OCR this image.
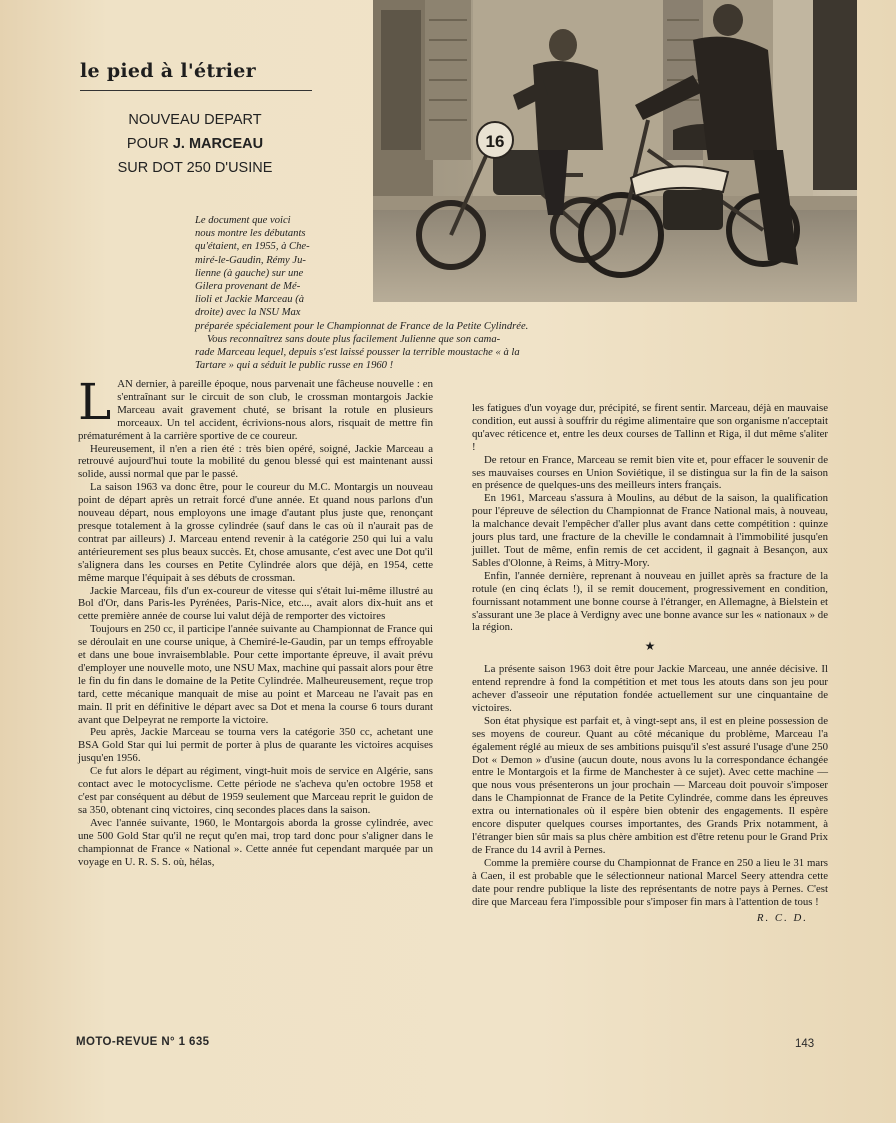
le pied à l'étrier
NOUVEAU DEPART
POUR J. MARCEAU
SUR DOT 250 D'USINE
16
Le document que voici
nous montre les débutants
qu'étaient, en 1955, à Che-
miré-le-Gaudin, Rémy Ju-
lienne (à gauche) sur une
Gilera provenant de Mé-
lioli et Jackie Marceau (à
droite) avec la NSU Max
préparée spécialement pour le Championnat de France de la Petite Cylindrée.
Vous reconnaîtrez sans doute plus facilement Julienne que son cama-
rade Marceau lequel, depuis s'est laissé pousser la terrible moustache « à la
Tartare » qui a séduit le public russe en 1960 !

LAN dernier, à pareille époque, nous parvenait une fâcheuse nouvelle : en s'entraînant sur le circuit de son club, le crossman montargois Jackie Marceau avait gravement chuté, se brisant la rotule en plusieurs morceaux. Un tel accident, écrivions-nous alors, risquait de mettre fin prématurément à la carrière sportive de ce coureur.

Heureusement, il n'en a rien été : très bien opéré, soigné, Jackie Marceau a retrouvé aujourd'hui toute la mobilité du genou blessé qui est maintenant aussi solide, aussi normal que par le passé.

La saison 1963 va donc être, pour le coureur du M.C. Montargis un nouveau point de départ après un retrait forcé d'une année. Et quand nous parlons d'un nouveau départ, nous employons une image d'autant plus juste que, renonçant presque totalement à la grosse cylindrée (sauf dans le cas où il n'aurait pas de contrat par ailleurs) J. Marceau entend revenir à la catégorie 250 qui lui a valu antérieurement ses plus beaux succès. Et, chose amusante, c'est avec une Dot qu'il s'alignera dans les courses en Petite Cylindrée alors que déjà, en 1954, cette même marque l'équipait à ses débuts de crossman.

Jackie Marceau, fils d'un ex-coureur de vitesse qui s'était lui-même illustré au Bol d'Or, dans Paris-les Pyrénées, Paris-Nice, etc..., avait alors dix-huit ans et cette première année de course lui valut déjà de remporter des victoires

Toujours en 250 cc, il participe l'année suivante au Championnat de France qui se déroulait en une course unique, à Chemiré-le-Gaudin, par un temps effroyable et dans une boue invraisemblable. Pour cette importante épreuve, il avait prévu d'employer une nouvelle moto, une NSU Max, machine qui passait alors pour être le fin du fin dans le domaine de la Petite Cylindrée. Malheureusement, reçue trop tard, cette mécanique manquait de mise au point et Marceau ne l'avait pas en main. Il prit en définitive le départ avec sa Dot et mena la course 6 tours durant avant que Delpeyrat ne remporte la victoire.

Peu après, Jackie Marceau se tourna vers la catégorie 350 cc, achetant une BSA Gold Star qui lui permit de porter à plus de quarante les victoires acquises jusqu'en 1956.

Ce fut alors le départ au régiment, vingt-huit mois de service en Algérie, sans contact avec le motocyclisme. Cette période ne s'acheva qu'en octobre 1958 et c'est par conséquent au début de 1959 seulement que Marceau reprit le guidon de sa 350, obtenant cinq victoires, cinq secondes places dans la saison.

Avec l'année suivante, 1960, le Montargois aborda la grosse cylindrée, avec une 500 Gold Star qu'il ne reçut qu'en mai, trop tard donc pour s'aligner dans le championnat de France « National ». Cette année fut cependant marquée par un voyage en U. R. S. S. où, hélas,

les fatigues d'un voyage dur, précipité, se firent sentir. Marceau, déjà en mauvaise condition, eut aussi à souffrir du régime alimentaire que son organisme n'acceptait qu'avec réticence et, entre les deux courses de Tallinn et Riga, il dut même s'aliter !

De retour en France, Marceau se remit bien vite et, pour effacer le souvenir de ses mauvaises courses en Union Soviétique, il se distingua sur la fin de la saison en présence de quelques-uns des meilleurs inters français.

En 1961, Marceau s'assura à Moulins, au début de la saison, la qualification pour l'épreuve de sélection du Championnat de France National mais, à nouveau, la malchance devait l'empêcher d'aller plus avant dans cette compétition : quinze jours plus tard, une fracture de la cheville le condamnait à l'immobilité jusqu'en juillet. Tout de même, enfin remis de cet accident, il gagnait à Besançon, aux Sables d'Olonne, à Reims, à Mitry-Mory.

Enfin, l'année dernière, reprenant à nouveau en juillet après sa fracture de la rotule (en cinq éclats !), il se remit doucement, progressivement en condition, fournissant notamment une bonne course à l'étranger, en Allemagne, à Bielstein et s'assurant une 3e place à Verdigny avec une bonne avance sur les « nationaux » de la région.

★

La présente saison 1963 doit être pour Jackie Marceau, une année décisive. Il entend reprendre à fond la compétition et met tous les atouts dans son jeu pour achever d'asseoir une réputation fondée actuellement sur une cinquantaine de victoires.

Son état physique est parfait et, à vingt-sept ans, il est en pleine possession de ses moyens de coureur. Quant au côté mécanique du problème, Marceau l'a également réglé au mieux de ses ambitions puisqu'il s'est assuré l'usage d'une 250 Dot « Demon » d'usine (aucun doute, nous avons lu la correspondance échangée entre le Montargois et la firme de Manchester à ce sujet). Avec cette machine — que nous vous présenterons un jour prochain — Marceau doit pouvoir s'imposer dans le Championnat de France de la Petite Cylindrée, comme dans les épreuves extra ou internationales où il espère bien obtenir des engagements. Il espère encore disputer quelques courses importantes, des Grands Prix notamment, à l'étranger bien sûr mais sa plus chère ambition est d'être retenu pour le Grand Prix de France du 14 avril à Pernes.

Comme la première course du Championnat de France en 250 a lieu le 31 mars à Caen, il est probable que le sélectionneur national Marcel Seery attendra cette date pour rendre publique la liste des représentants de notre pays à Pernes. C'est dire que Marceau fera l'impossible pour s'imposer fin mars à l'attention de tous !

R. C. D.
MOTO-REVUE N° 1 635	143
